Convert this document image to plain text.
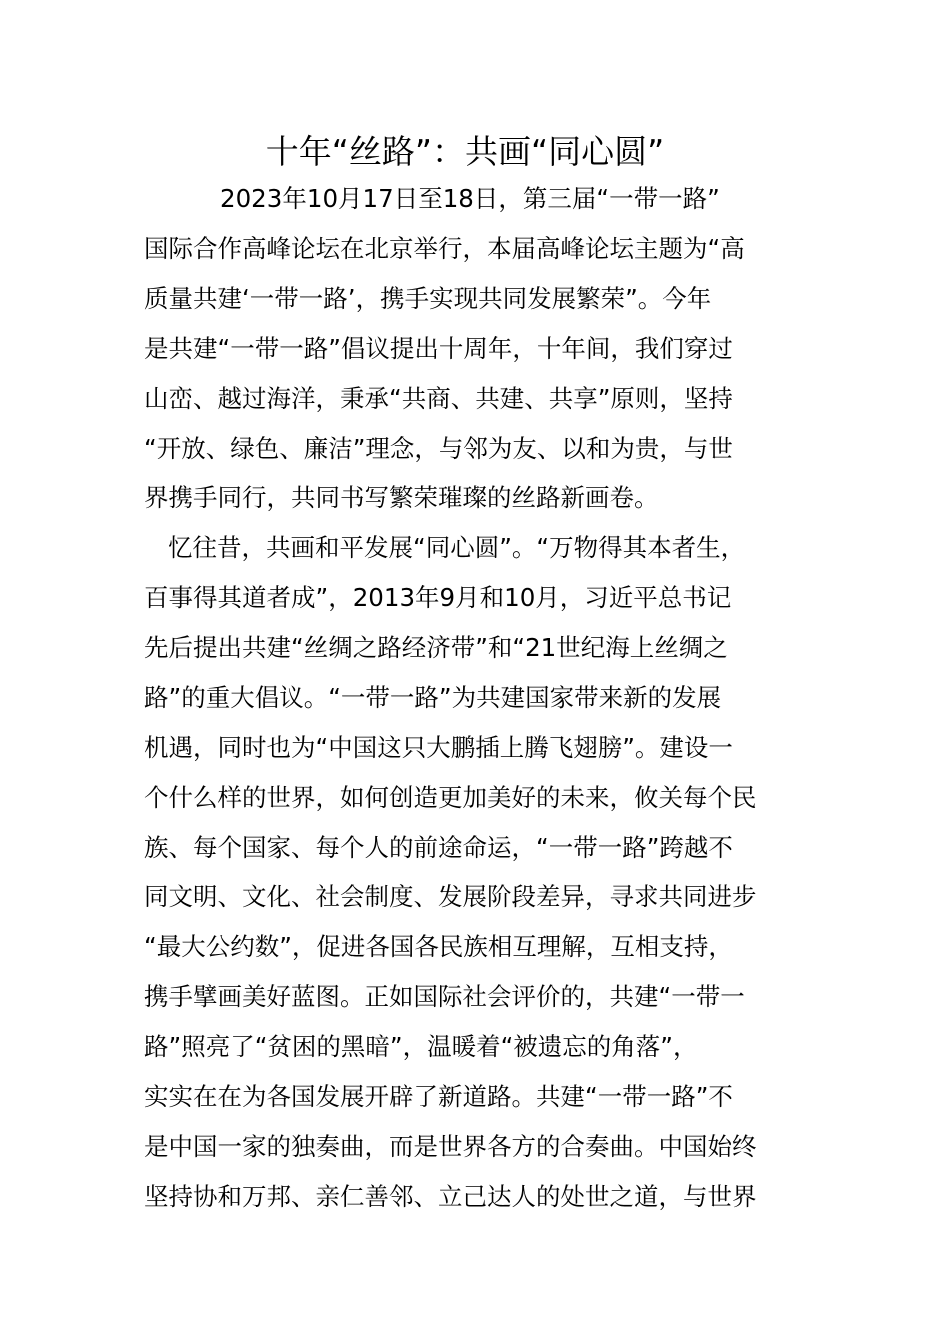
十年“丝路”：共画“同心圆”
2023年10月17日至18日，第三届“一带一路”
国际合作高峰论坛在北京举行，本届高峰论坛主题为“高
质量共建‘一带一路’，携手实现共同发展繁荣”。今年
是共建“一带一路”倡议提出十周年，十年间，我们穿过
山峦、越过海洋，秉承“共商、共建、共享”原则，坚持
“开放、绿色、廉洁”理念，与邻为友、以和为贵，与世
界携手同行，共同书写繁荣璀璨的丝路新画卷。
忆往昔，共画和平发展“同心圆”。“万物得其本者生，
百事得其道者成”，2013年9月和10月，习近平总书记
先后提出共建“丝绸之路经济带”和“21世纪海上丝绸之
路”的重大倡议。“一带一路”为共建国家带来新的发展
机遇，同时也为“中国这只大鹏插上腾飞翅膀”。建设一
个什么样的世界，如何创造更加美好的未来，攸关每个民
族、每个国家、每个人的前途命运，“一带一路”跨越不
同文明、文化、社会制度、发展阶段差异，寻求共同进步
“最大公约数”，促进各国各民族相互理解，互相支持，
携手擘画美好蓝图。正如国际社会评价的，共建“一带一
路”照亮了“贫困的黑暗”，温暖着“被遗忘的角落”，
实实在在为各国发展开辟了新道路。共建“一带一路”不
是中国一家的独奏曲，而是世界各方的合奏曲。中国始终
坚持协和万邦、亲仁善邻、立己达人的处世之道，与世界
